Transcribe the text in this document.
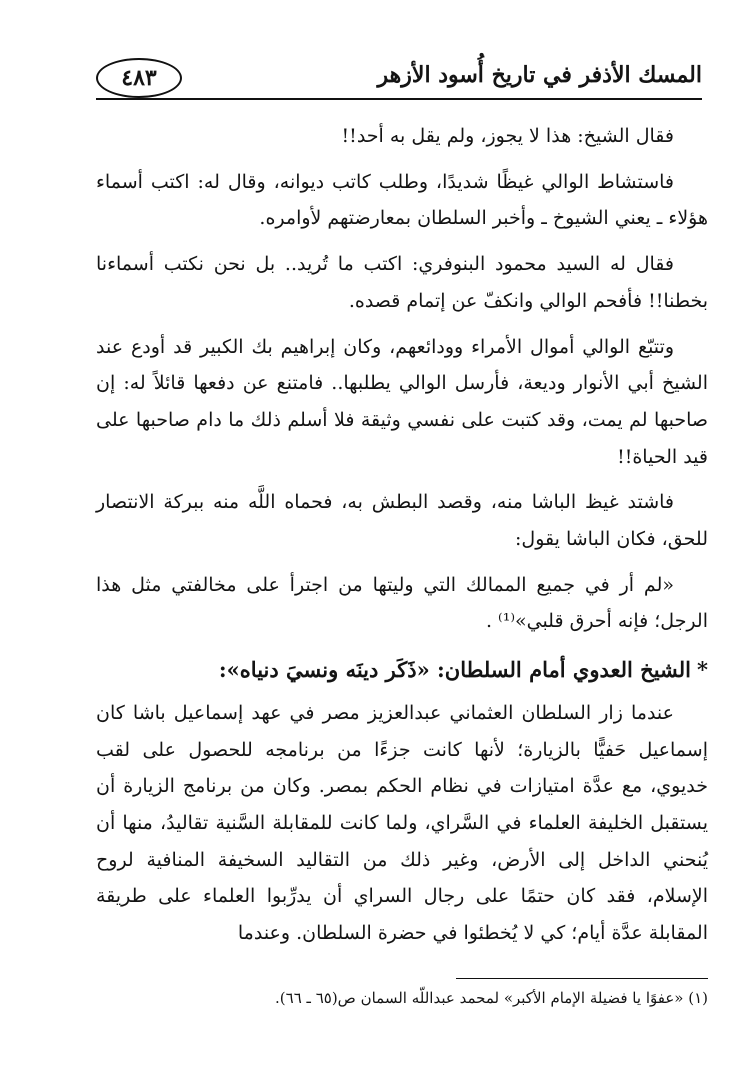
المسك الأذفر في تاريخ أُسود الأزهر
٤٨٣

فقال الشيخ: هذا لا يجوز، ولم يقل به أحد!!

فاستشاط الوالي غيظًا شديدًا، وطلب كاتب ديوانه، وقال له: اكتب أسماء هؤلاء ـ يعني الشيوخ ـ وأخبر السلطان بمعارضتهم لأوامره.

فقال له السيد محمود البنوفري: اكتب ما تُريد.. بل نحن نكتب أسماءنا بخطنا!! فأفحم الوالي وانكفّ عن إتمام قصده.

وتتبّع الوالي أموال الأمراء وودائعهم، وكان إبراهيم بك الكبير قد أودع عند الشيخ أبي الأنوار وديعة، فأرسل الوالي يطلبها.. فامتنع عن دفعها قائلاً له: إن صاحبها لم يمت، وقد كتبت على نفسي وثيقة فلا أسلم ذلك ما دام صاحبها على قيد الحياة!!

فاشتد غيظ الباشا منه، وقصد البطش به، فحماه اللَّه منه ببركة الانتصار للحق، فكان الباشا يقول:

«لم أر في جميع الممالك التي وليتها من اجترأ على مخالفتي مثل هذا الرجل؛ فإنه أحرق قلبي»⁽¹⁾ .

*الشيخ العدوي أمام السلطان: «ذَكَر دينَه ونسيَ دنياه»:

عندما زار السلطان العثماني عبدالعزيز مصر في عهد إسماعيل باشا كان إسماعيل حَفيًّا بالزيارة؛ لأنها كانت جزءًا من برنامجه للحصول على لقب خديوي، مع عدَّة امتيازات في نظام الحكم بمصر. وكان من برنامج الزيارة أن يستقبل الخليفة العلماء في السَّراي، ولما كانت للمقابلة السَّنية تقاليدُ، منها أن يُنحني الداخل إلى الأرض، وغير ذلك من التقاليد السخيفة المنافية لروح الإسلام، فقد كان حتمًا على رجال السراي أن يدرِّبوا العلماء على طريقة المقابلة عدَّة أيام؛ كي لا يُخطئوا في حضرة السلطان. وعندما

(١) «عفوًا يا فضيلة الإمام الأكبر» لمحمد عبداللّه السمان ص(٦٥ ـ ٦٦).
